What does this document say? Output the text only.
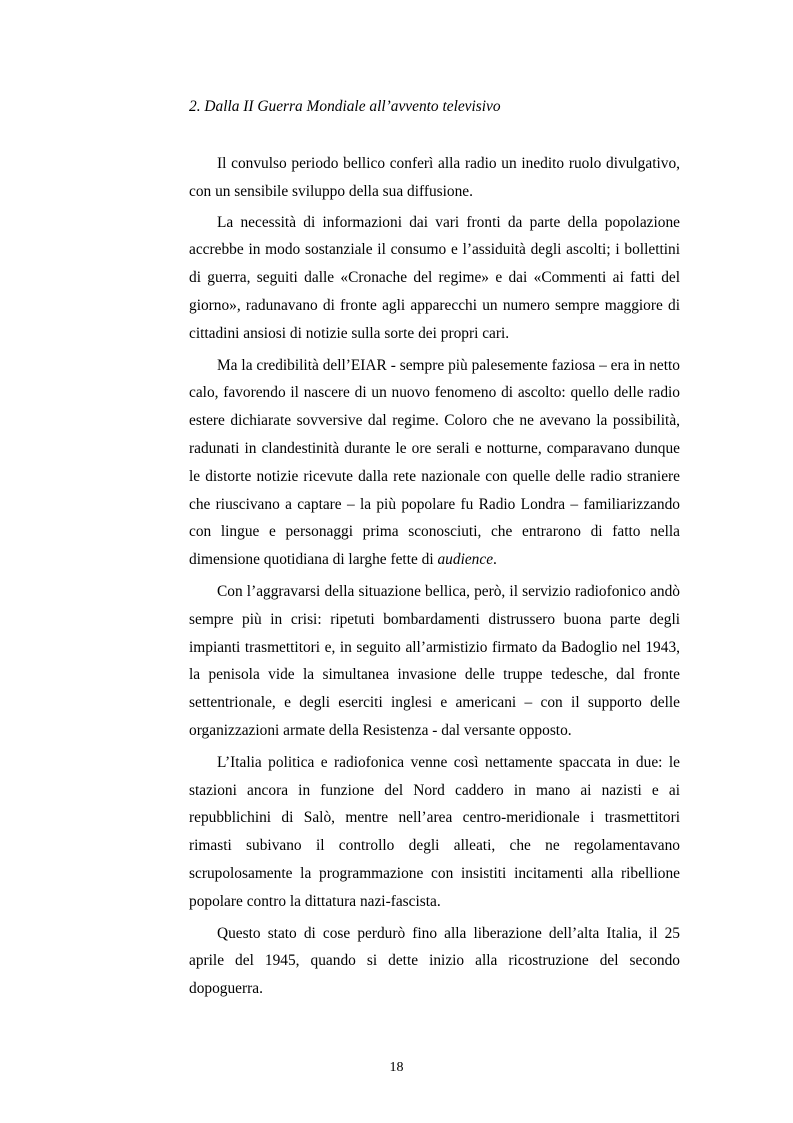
2. Dalla II Guerra Mondiale all’avvento televisivo

Il convulso periodo bellico conferì alla radio un inedito ruolo divulgativo, con un sensibile sviluppo della sua diffusione.

La necessità di informazioni dai vari fronti da parte della popolazione accrebbe in modo sostanziale il consumo e l’assiduità degli ascolti; i bollettini di guerra, seguiti dalle «Cronache del regime» e dai «Commenti ai fatti del giorno», radunavano di fronte agli apparecchi un numero sempre maggiore di cittadini ansiosi di notizie sulla sorte dei propri cari.

Ma la credibilità dell’EIAR - sempre più palesemente faziosa – era in netto calo, favorendo il nascere di un nuovo fenomeno di ascolto: quello delle radio estere dichiarate sovversive dal regime. Coloro che ne avevano la possibilità, radunati in clandestinità durante le ore serali e notturne, comparavano dunque le distorte notizie ricevute dalla rete nazionale con quelle delle radio straniere che riuscivano a captare – la più popolare fu Radio Londra – familiarizzando con lingue e personaggi prima sconosciuti, che entrarono di fatto nella dimensione quotidiana di larghe fette di audience.

Con l’aggravarsi della situazione bellica, però, il servizio radiofonico andò sempre più in crisi: ripetuti bombardamenti distrussero buona parte degli impianti trasmettitori e, in seguito all’armistizio firmato da Badoglio nel 1943, la penisola vide la simultanea invasione delle truppe tedesche, dal fronte settentrionale, e degli eserciti inglesi e americani – con il supporto delle organizzazioni armate della Resistenza - dal versante opposto.

L’Italia politica e radiofonica venne così nettamente spaccata in due: le stazioni ancora in funzione del Nord caddero in mano ai nazisti e ai repubblichini di Salò, mentre nell’area centro-meridionale i trasmettitori rimasti subivano il controllo degli alleati, che ne regolamentavano scrupolosamente la programmazione con insistiti incitamenti alla ribellione popolare contro la dittatura nazi-fascista.

Questo stato di cose perdurò fino alla liberazione dell’alta Italia, il 25 aprile del 1945, quando si dette inizio alla ricostruzione del secondo dopoguerra.

18
